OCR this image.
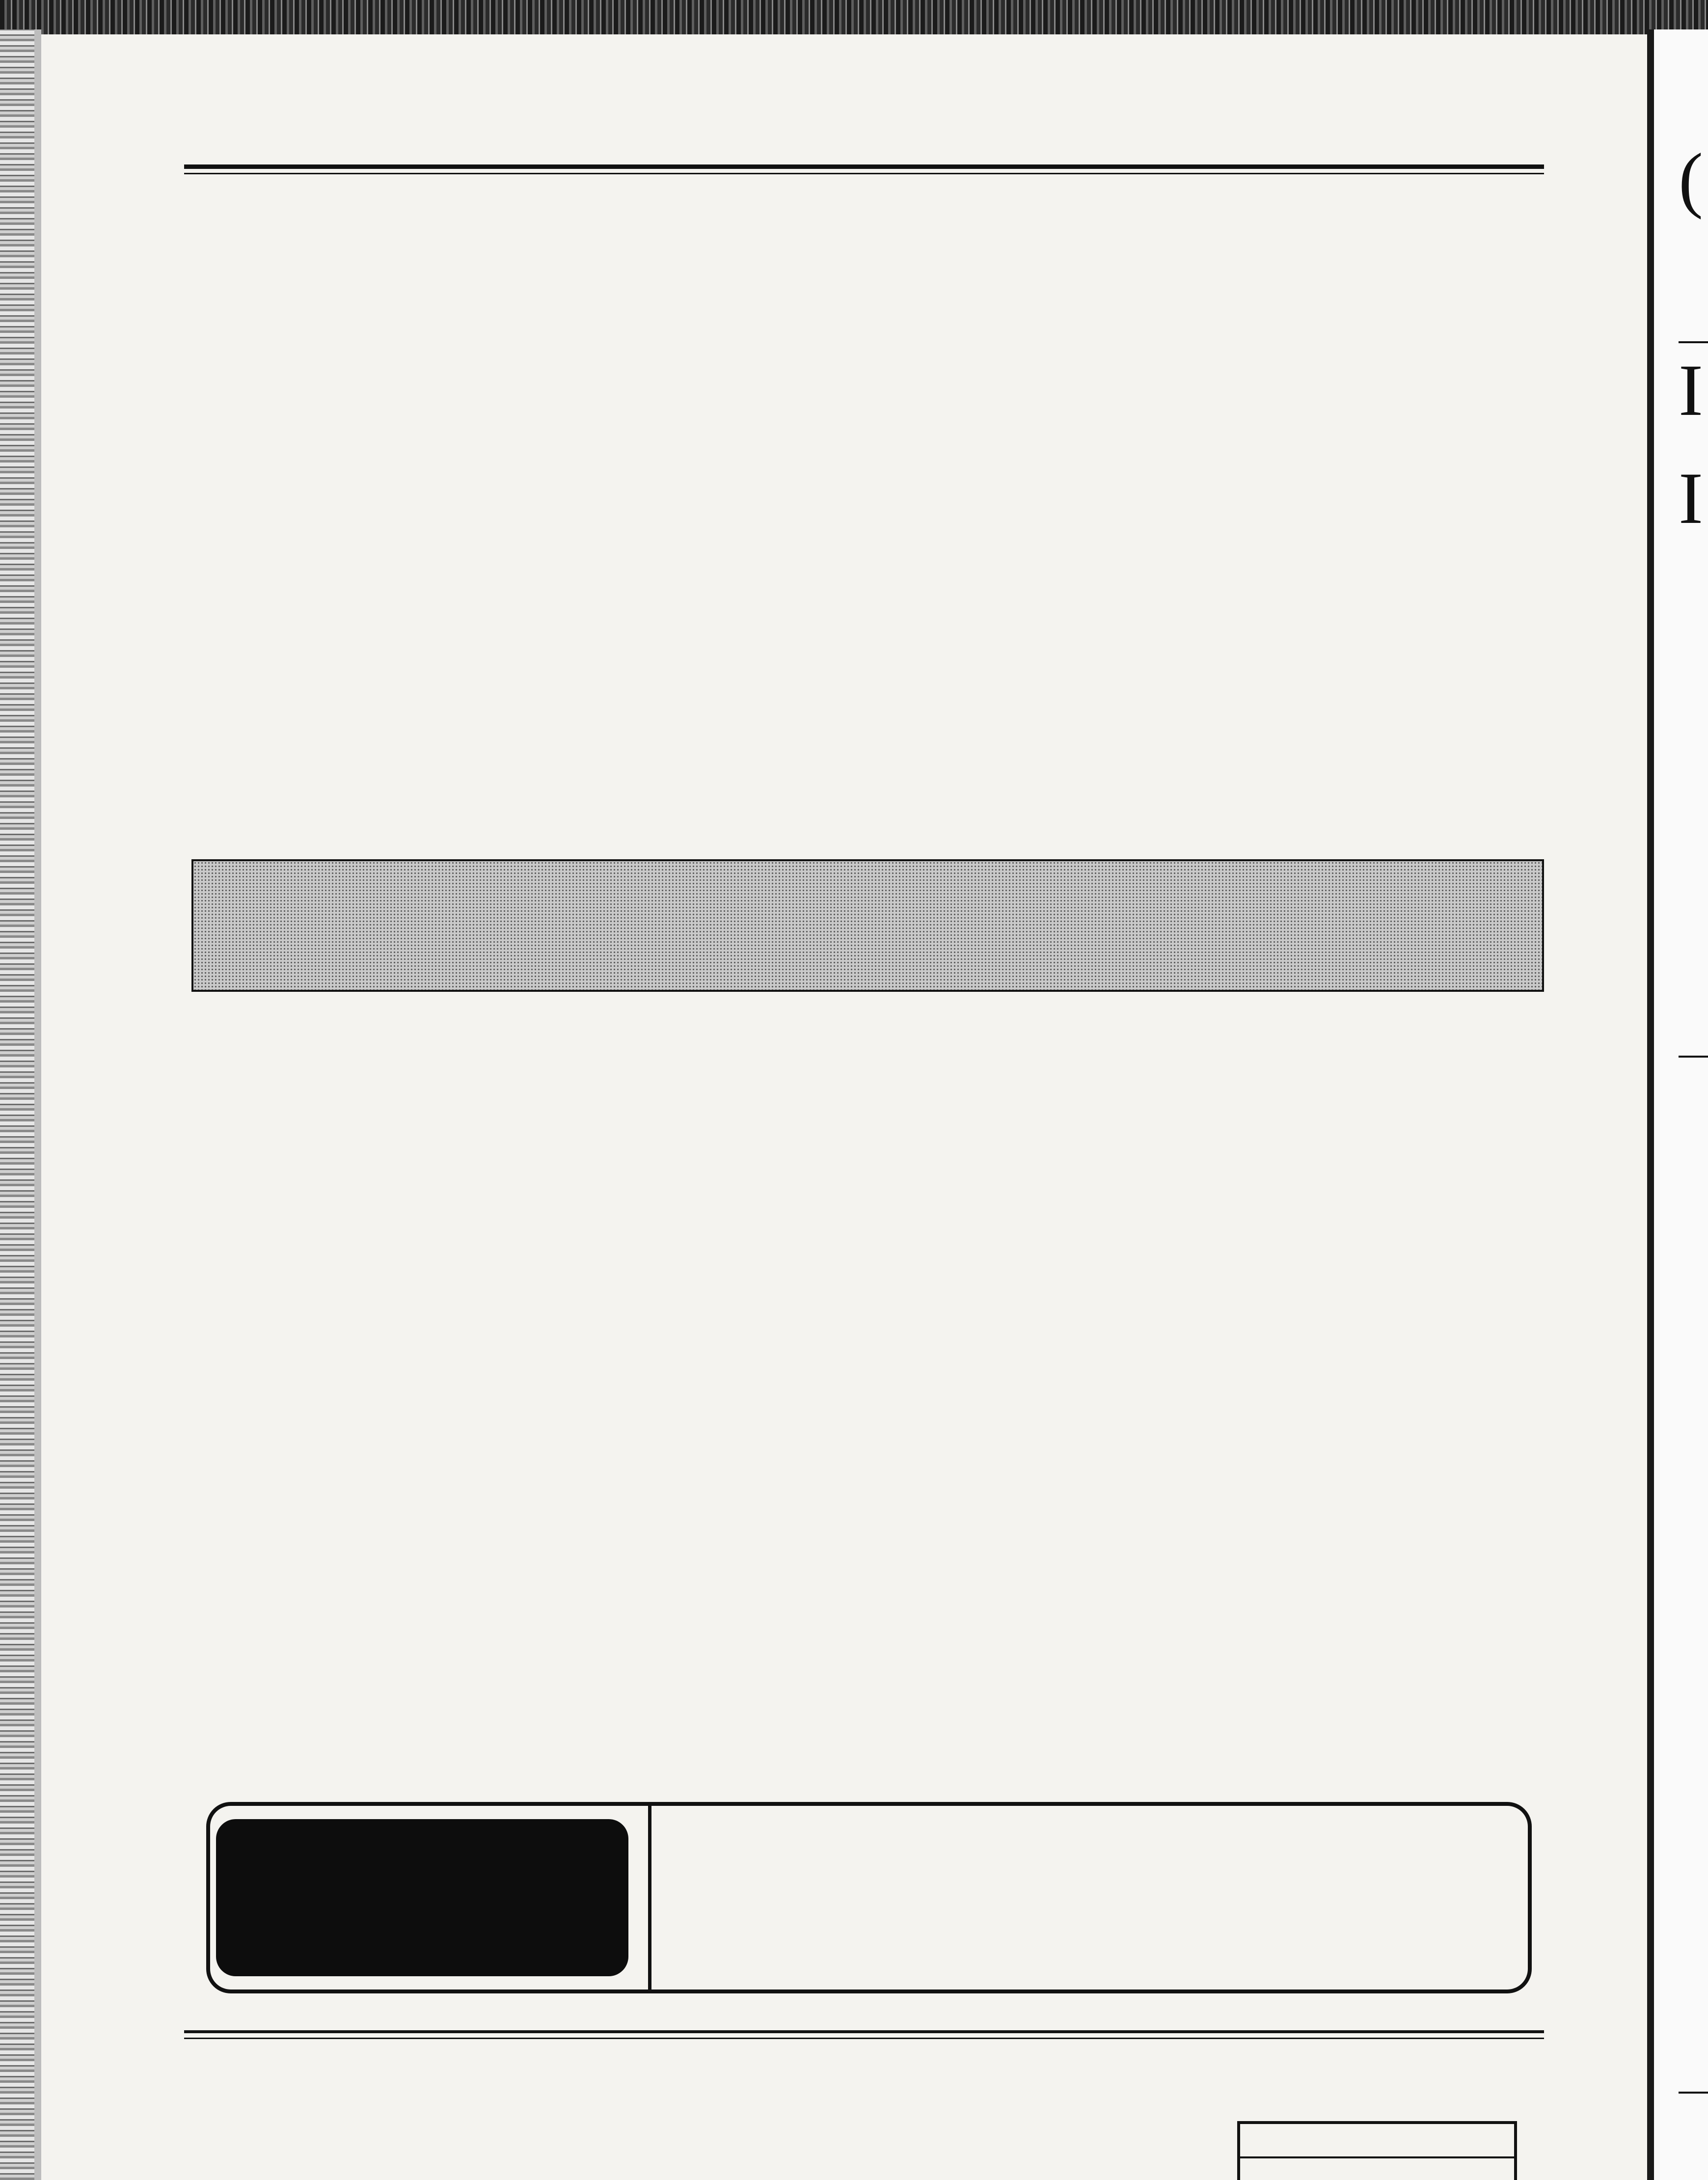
(
I
I
